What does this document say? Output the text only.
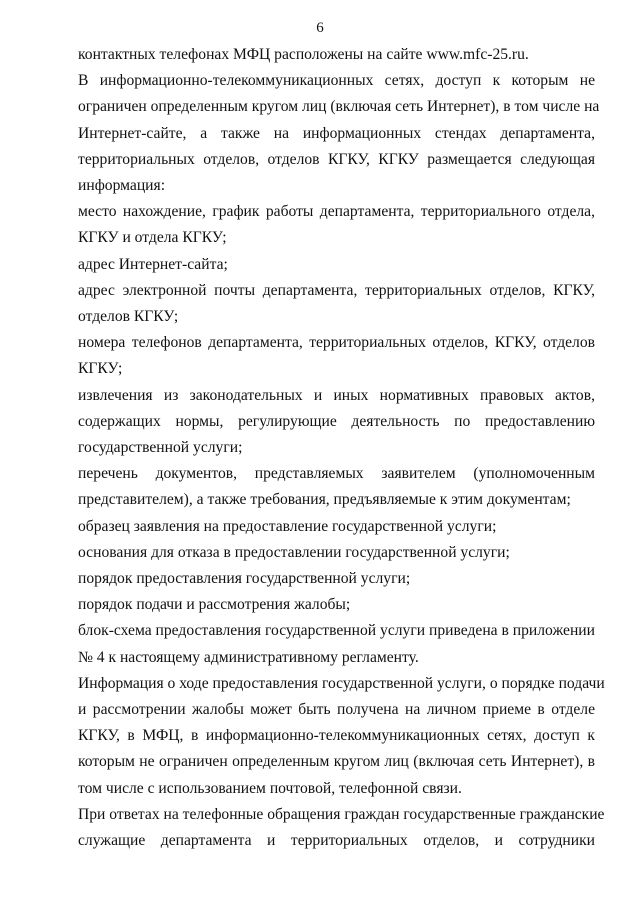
6

контактных телефонах МФЦ расположены на сайте www.mfc-25.ru.

В информационно-телекоммуникационных сетях, доступ к которым не
ограничен определенным кругом лиц (включая сеть Интернет), в том числе на
Интернет-сайте, а также на информационных стендах департамента,
территориальных отделов, отделов КГКУ, КГКУ размещается следующая
информация:

место нахождение, график работы департамента, территориального отдела,
КГКУ и отдела КГКУ;

адрес Интернет-сайта;

адрес электронной почты департамента, территориальных отделов, КГКУ,
отделов КГКУ;

номера телефонов департамента, территориальных отделов, КГКУ, отделов
КГКУ;

извлечения из законодательных и иных нормативных правовых актов,
содержащих нормы, регулирующие деятельность по предоставлению
государственной услуги;

перечень документов, представляемых заявителем (уполномоченным
представителем), а также требования, предъявляемые к этим документам;

образец заявления на предоставление государственной услуги;

основания для отказа в предоставлении государственной услуги;

порядок предоставления государственной услуги;

порядок подачи и рассмотрения жалобы;

блок-схема предоставления государственной услуги приведена в приложении
№ 4 к настоящему административному регламенту.

Информация о ходе предоставления государственной услуги, о порядке подачи
и рассмотрении жалобы может быть получена на личном приеме в отделе
КГКУ, в МФЦ, в информационно-телекоммуникационных сетях, доступ к
которым не ограничен определенным кругом лиц (включая сеть Интернет), в
том числе с использованием почтовой, телефонной связи.

При ответах на телефонные обращения граждан государственные гражданские
служащие департамента и территориальных отделов, и сотрудники
